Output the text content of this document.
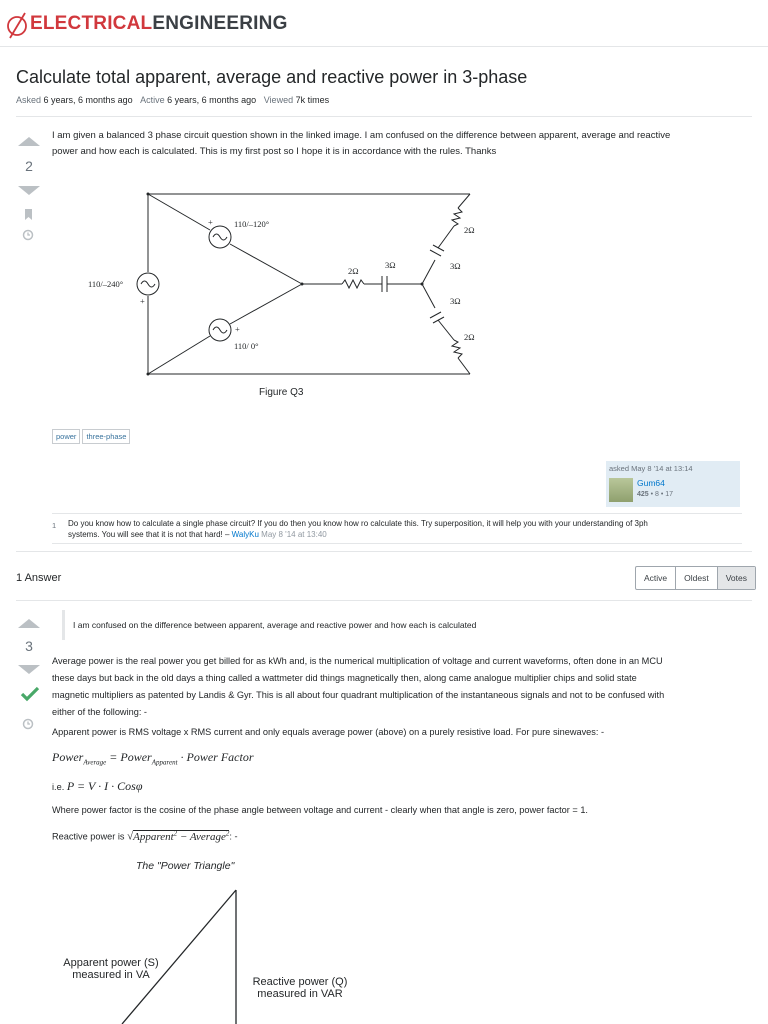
ELECTRICALENGINEERING
Calculate total apparent, average and reactive power in 3-phase
Asked 6 years, 6 months ago Active 6 years, 6 months ago Viewed 7k times
2
I am given a balanced 3 phase circuit question shown in the linked image. I am confused on the difference between apparent, average and reactive
power and how each is calculated. This is my first post so I hope it is in accordance with the rules. Thanks
+
+
+
110/–120°
110/–240°
110/ 0°
2Ω
3Ω
2Ω
3Ω
3Ω
2Ω
Figure Q3
power three-phase
asked May 8 '14 at 13:14
Gum64
425 • 8 • 17
1 Do you know how to calculate a single phase circuit? If you do then you know how ro calculate this. Try superposition, it will help you with your understanding of 3ph
systems. You will see that it is not that hard! – WalyKu May 8 '14 at 13:40
1 Answer	Active	Oldest	Votes
3
I am confused on the difference between apparent, average and reactive power and how each is calculated
Average power is the real power you get billed for as kWh and, is the numerical multiplication of voltage and current waveforms, often done in an MCU
these days but back in the old days a thing called a wattmeter did things magnetically then, along came analogue multiplier chips and solid state
magnetic multipliers as patented by Landis & Gyr. This is all about four quadrant multiplication of the instantaneous signals and not to be confused with
either of the following: -
Apparent power is RMS voltage x RMS current and only equals average power (above) on a purely resistive load. For pure sinewaves: -
Power$_{Average}$ = Power$_{Apparent}$ · Power Factor
i.e. P = V · I · Cosφ
Where power factor is the cosine of the phase angle between voltage and current - clearly when that angle is zero, power factor = 1.
Reactive power is √Apparent$^2$ − Average$^2$: -
The "Power Triangle"
Apparent power (S)
measured in VA
Reactive power (Q)
measured in VAR
